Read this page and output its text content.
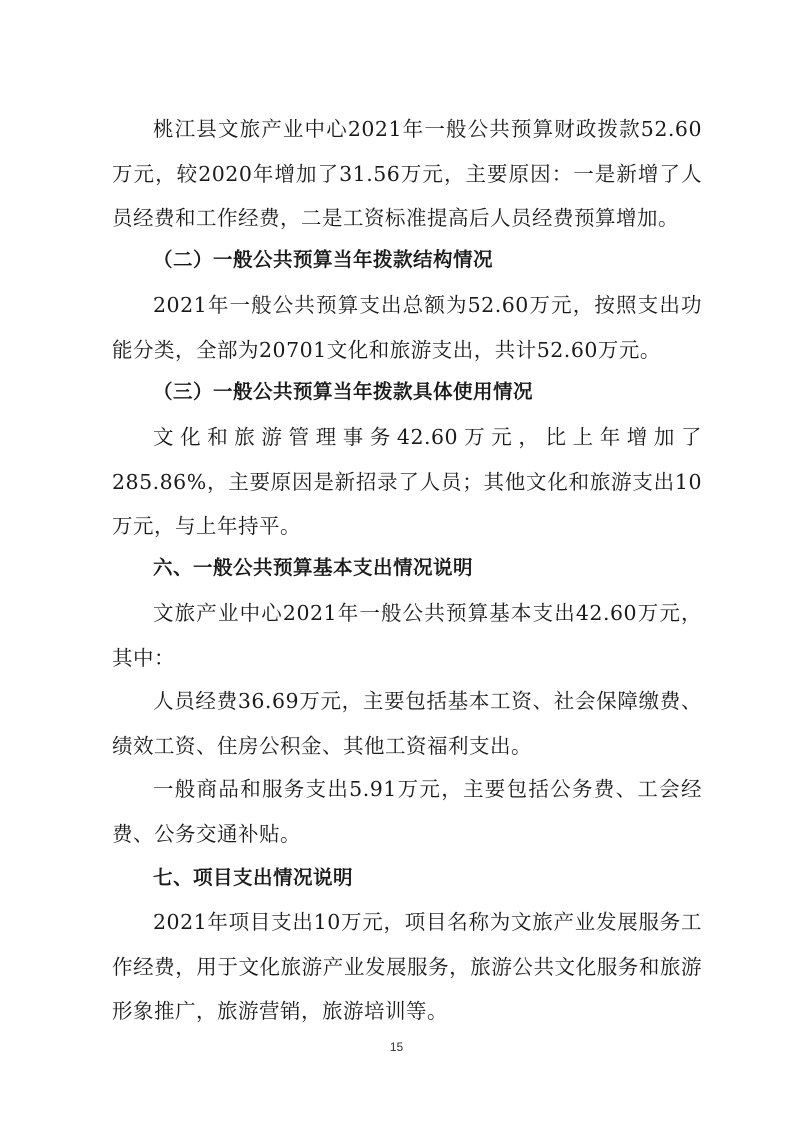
桃江县文旅产业中心2021年一般公共预算财政拨款52.60万元，较2020年增加了31.56万元，主要原因：一是新增了人员经费和工作经费，二是工资标准提高后人员经费预算增加。

（二）一般公共预算当年拨款结构情况

2021年一般公共预算支出总额为52.60万元，按照支出功能分类，全部为20701文化和旅游支出，共计52.60万元。

（三）一般公共预算当年拨款具体使用情况

文化和旅游管理事务42.60万元，比上年增加了285.86%，主要原因是新招录了人员；其他文化和旅游支出10万元，与上年持平。

六、一般公共预算基本支出情况说明

文旅产业中心2021年一般公共预算基本支出42.60万元，其中：

人员经费36.69万元，主要包括基本工资、社会保障缴费、绩效工资、住房公积金、其他工资福利支出。

一般商品和服务支出5.91万元，主要包括公务费、工会经费、公务交通补贴。

七、项目支出情况说明

2021年项目支出10万元，项目名称为文旅产业发展服务工作经费，用于文化旅游产业发展服务，旅游公共文化服务和旅游形象推广，旅游营销，旅游培训等。

15
